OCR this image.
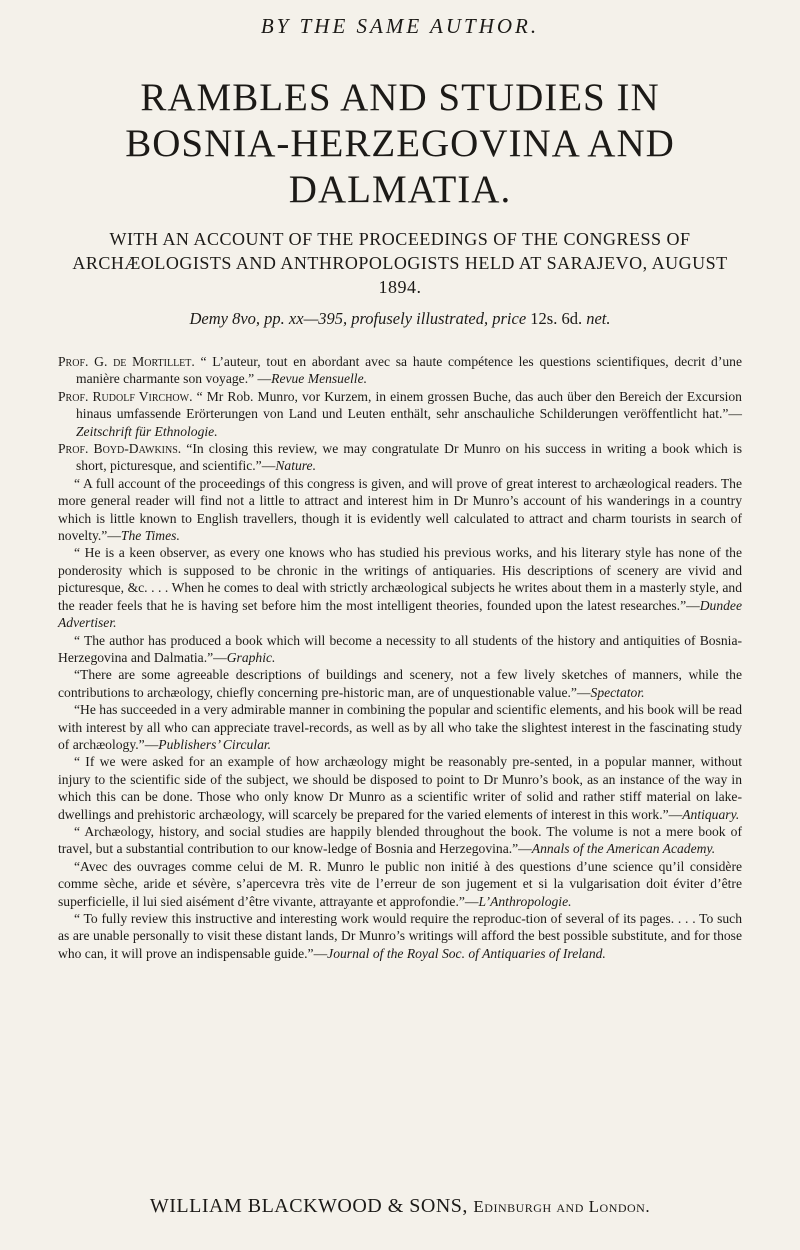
BY THE SAME AUTHOR.
RAMBLES AND STUDIES IN BOSNIA-HERZEGOVINA AND DALMATIA.
WITH AN ACCOUNT OF THE PROCEEDINGS OF THE CONGRESS OF ARCHÆOLOGISTS AND ANTHROPOLOGISTS HELD AT SARAJEVO, AUGUST 1894.
Demy 8vo, pp. xx—395, profusely illustrated, price 12s. 6d. net.

Prof. G. de Mortillet. “ L’auteur, tout en abordant avec sa haute compétence les questions scientifiques, decrit d’une manière charmante son voyage.” —Revue Mensuelle.

Prof. Rudolf Virchow. “ Mr Rob. Munro, vor Kurzem, in einem grossen Buche, das auch über den Bereich der Excursion hinaus umfassende Erörterungen von Land und Leuten enthält, sehr anschauliche Schilderungen veröffentlicht hat.”—Zeitschrift für Ethnologie.

Prof. Boyd-Dawkins. “In closing this review, we may congratulate Dr Munro on his success in writing a book which is short, picturesque, and scientific.”—Nature.

“ A full account of the proceedings of this congress is given, and will prove of great interest to archæological readers. The more general reader will find not a little to attract and interest him in Dr Munro’s account of his wanderings in a country which is little known to English travellers, though it is evidently well calculated to attract and charm tourists in search of novelty.”—The Times.

“ He is a keen observer, as every one knows who has studied his previous works, and his literary style has none of the ponderosity which is supposed to be chronic in the writings of antiquaries. His descriptions of scenery are vivid and picturesque, &c. . . . When he comes to deal with strictly archæological subjects he writes about them in a masterly style, and the reader feels that he is having set before him the most intelligent theories, founded upon the latest researches.”—Dundee Advertiser.

“ The author has produced a book which will become a necessity to all students of the history and antiquities of Bosnia-Herzegovina and Dalmatia.”—Graphic.

“There are some agreeable descriptions of buildings and scenery, not a few lively sketches of manners, while the contributions to archæology, chiefly concerning pre-historic man, are of unquestionable value.”—Spectator.

“He has succeeded in a very admirable manner in combining the popular and scientific elements, and his book will be read with interest by all who can appreciate travel-records, as well as by all who take the slightest interest in the fascinating study of archæology.”—Publishers’ Circular.

“ If we were asked for an example of how archæology might be reasonably pre-sented, in a popular manner, without injury to the scientific side of the subject, we should be disposed to point to Dr Munro’s book, as an instance of the way in which this can be done. Those who only know Dr Munro as a scientific writer of solid and rather stiff material on lake-dwellings and prehistoric archæology, will scarcely be prepared for the varied elements of interest in this work.”—Antiquary.

“ Archæology, history, and social studies are happily blended throughout the book. The volume is not a mere book of travel, but a substantial contribution to our know-ledge of Bosnia and Herzegovina.”—Annals of the American Academy.

“Avec des ouvrages comme celui de M. R. Munro le public non initié à des questions d’une science qu’il considère comme sèche, aride et sévère, s’apercevra très vite de l’erreur de son jugement et si la vulgarisation doit éviter d’être superficielle, il lui sied aisément d’être vivante, attrayante et approfondie.”—L’Anthropologie.

“ To fully review this instructive and interesting work would require the reproduc-tion of several of its pages. . . . To such as are unable personally to visit these distant lands, Dr Munro’s writings will afford the best possible substitute, and for those who can, it will prove an indispensable guide.”—Journal of the Royal Soc. of Antiquaries of Ireland.

WILLIAM BLACKWOOD & SONS, Edinburgh and London.
